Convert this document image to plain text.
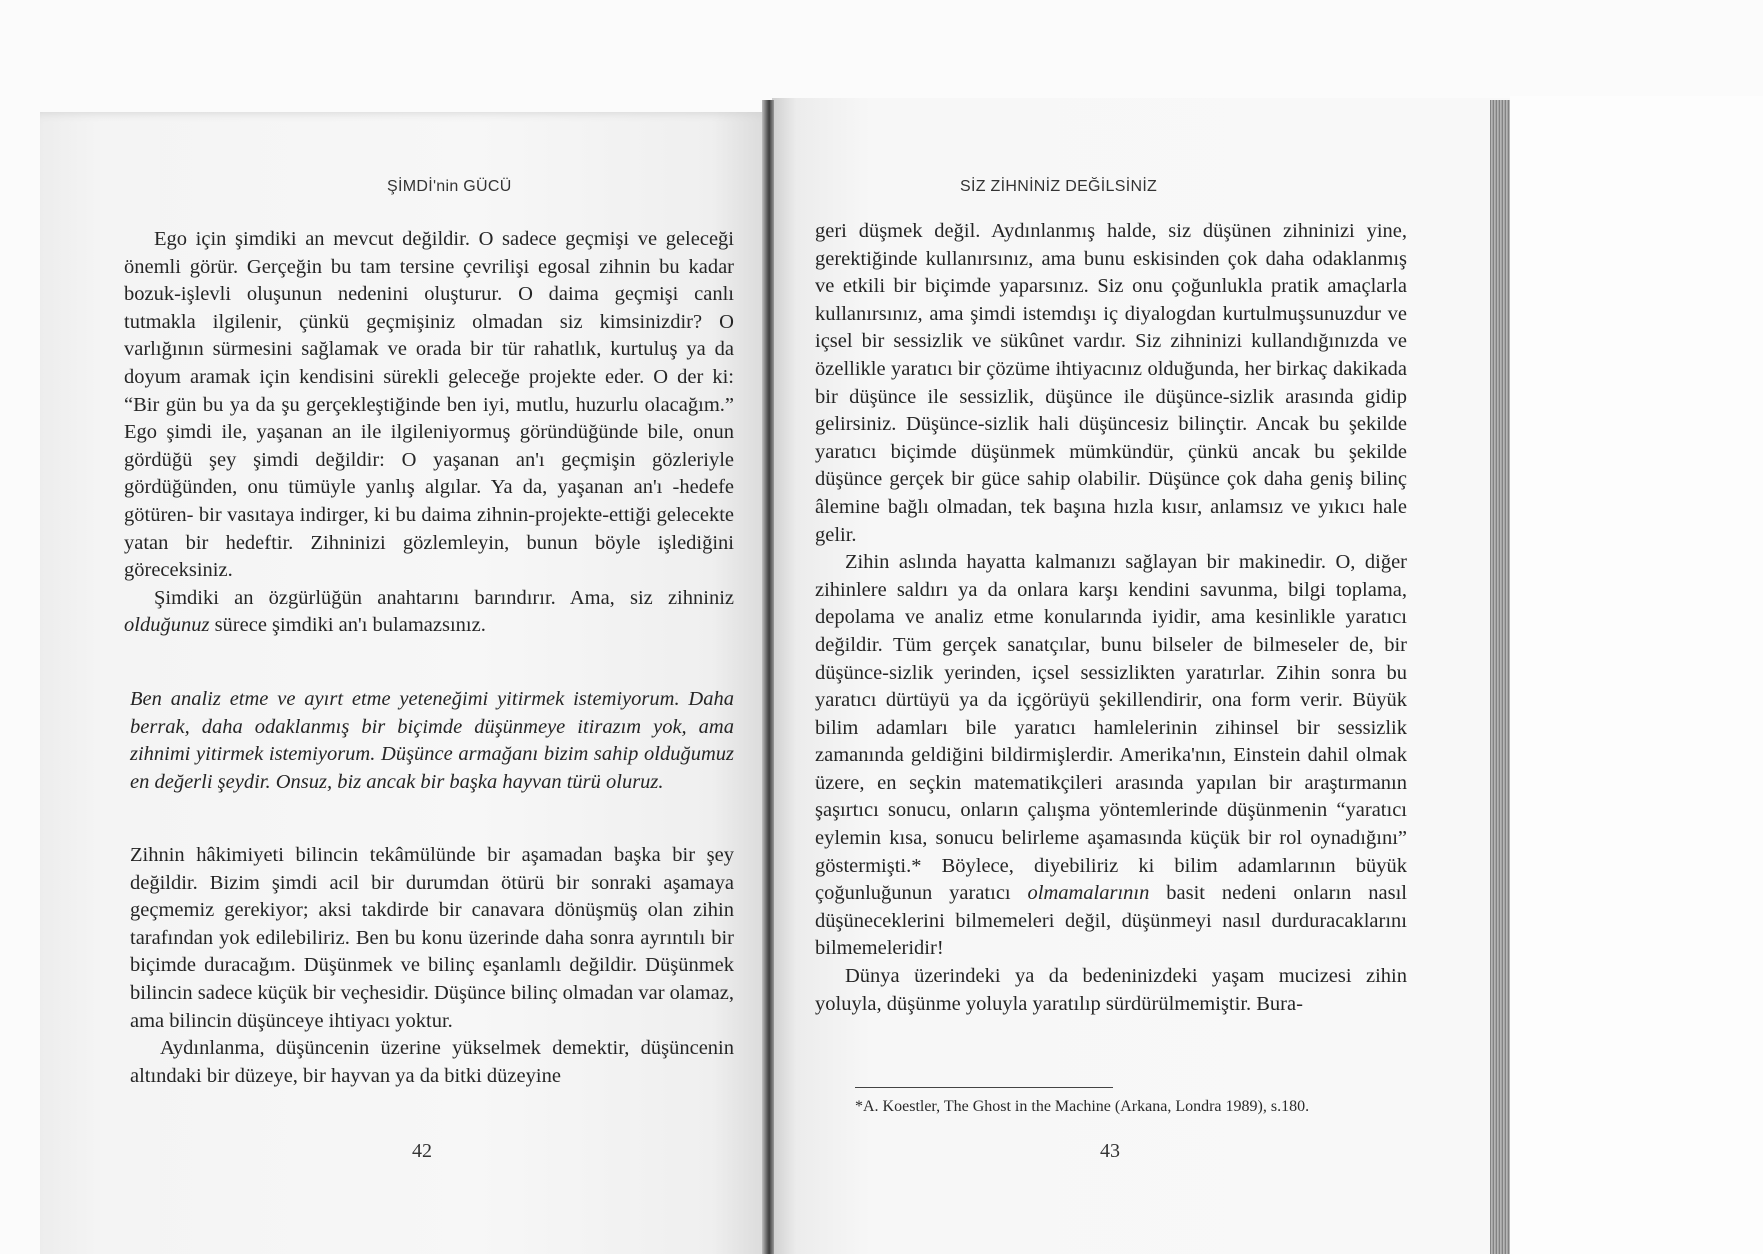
ŞİMDİ'nin GÜCÜ

Ego için şimdiki an mevcut değildir. O sadece geçmişi ve geleceği önemli görür. Gerçeğin bu tam tersine çevrilişi egosal zihnin bu kadar bozuk-işlevli oluşunun nedenini oluşturur. O daima geçmişi canlı tutmakla ilgilenir, çünkü geçmişiniz olmadan siz kimsinizdir? O varlığının sürmesini sağlamak ve orada bir tür rahatlık, kurtuluş ya da doyum aramak için kendisini sürekli geleceğe projekte eder. O der ki: “Bir gün bu ya da şu gerçekleştiğinde ben iyi, mutlu, huzurlu olacağım.” Ego şimdi ile, yaşanan an ile ilgileniyormuş göründüğünde bile, onun gördüğü şey şimdi değildir: O yaşanan an'ı geçmişin gözleriyle gördüğünden, onu tümüyle yanlış algılar. Ya da, yaşanan an'ı -hedefe götüren- bir vasıtaya indirger, ki bu daima zihnin-projekte-ettiği gelecekte yatan bir hedeftir. Zihninizi gözlemleyin, bunun böyle işlediğini göreceksiniz.

Şimdiki an özgürlüğün anahtarını barındırır. Ama, siz zihniniz olduğunuz sürece şimdiki an'ı bulamazsınız.

Ben analiz etme ve ayırt etme yeteneğimi yitirmek istemiyorum. Daha berrak, daha odaklanmış bir biçimde düşünmeye itirazım yok, ama zihnimi yitirmek istemiyorum. Düşünce armağanı bizim sahip olduğumuz en değerli şeydir. Onsuz, biz ancak bir başka hayvan türü oluruz.

Zihnin hâkimiyeti bilincin tekâmülünde bir aşamadan başka bir şey değildir. Bizim şimdi acil bir durumdan ötürü bir sonraki aşamaya geçmemiz gerekiyor; aksi takdirde bir canavara dönüşmüş olan zihin tarafından yok edilebiliriz. Ben bu konu üzerinde daha sonra ayrıntılı bir biçimde duracağım. Düşünmek ve bilinç eşanlamlı değildir. Düşünmek bilincin sadece küçük bir veçhesidir. Düşünce bilinç olmadan var olamaz, ama bilincin düşünceye ihtiyacı yoktur.

Aydınlanma, düşüncenin üzerine yükselmek demektir, düşüncenin altındaki bir düzeye, bir hayvan ya da bitki düzeyine

42
SİZ ZİHNİNİZ DEĞİLSİNİZ

geri düşmek değil. Aydınlanmış halde, siz düşünen zihninizi yine, gerektiğinde kullanırsınız, ama bunu eskisinden çok daha odaklanmış ve etkili bir biçimde yaparsınız. Siz onu çoğunlukla pratik amaçlarla kullanırsınız, ama şimdi istemdışı iç diyalogdan kurtulmuşsunuzdur ve içsel bir sessizlik ve sükûnet vardır. Siz zihninizi kullandığınızda ve özellikle yaratıcı bir çözüme ihtiyacınız olduğunda, her birkaç dakikada bir düşünce ile sessizlik, düşünce ile düşünce-sizlik arasında gidip gelirsiniz. Düşünce-sizlik hali düşüncesiz bilinçtir. Ancak bu şekilde yaratıcı biçimde düşünmek mümkündür, çünkü ancak bu şekilde düşünce gerçek bir güce sahip olabilir. Düşünce çok daha geniş bilinç âlemine bağlı olmadan, tek başına hızla kısır, anlamsız ve yıkıcı hale gelir.

Zihin aslında hayatta kalmanızı sağlayan bir makinedir. O, diğer zihinlere saldırı ya da onlara karşı kendini savunma, bilgi toplama, depolama ve analiz etme konularında iyidir, ama kesinlikle yaratıcı değildir. Tüm gerçek sanatçılar, bunu bilseler de bilmeseler de, bir düşünce-sizlik yerinden, içsel sessizlikten yaratırlar. Zihin sonra bu yaratıcı dürtüyü ya da içgörüyü şekillendirir, ona form verir. Büyük bilim adamları bile yaratıcı hamlelerinin zihinsel bir sessizlik zamanında geldiğini bildirmişlerdir. Amerika'nın, Einstein dahil olmak üzere, en seçkin matematikçileri arasında yapılan bir araştırmanın şaşırtıcı sonucu, onların çalışma yöntemlerinde düşünmenin “yaratıcı eylemin kısa, sonucu belirleme aşamasında küçük bir rol oynadığını” göstermişti.* Böylece, diyebiliriz ki bilim adamlarının büyük çoğunluğunun yaratıcı olmamalarının basit nedeni onların nasıl düşüneceklerini bilmemeleri değil, düşünmeyi nasıl durduracaklarını bilmemeleridir!

Dünya üzerindeki ya da bedeninizdeki yaşam mucizesi zihin yoluyla, düşünme yoluyla yaratılıp sürdürülmemiştir. Bura-

*A. Koestler, The Ghost in the Machine (Arkana, Londra 1989), s.180.
43
